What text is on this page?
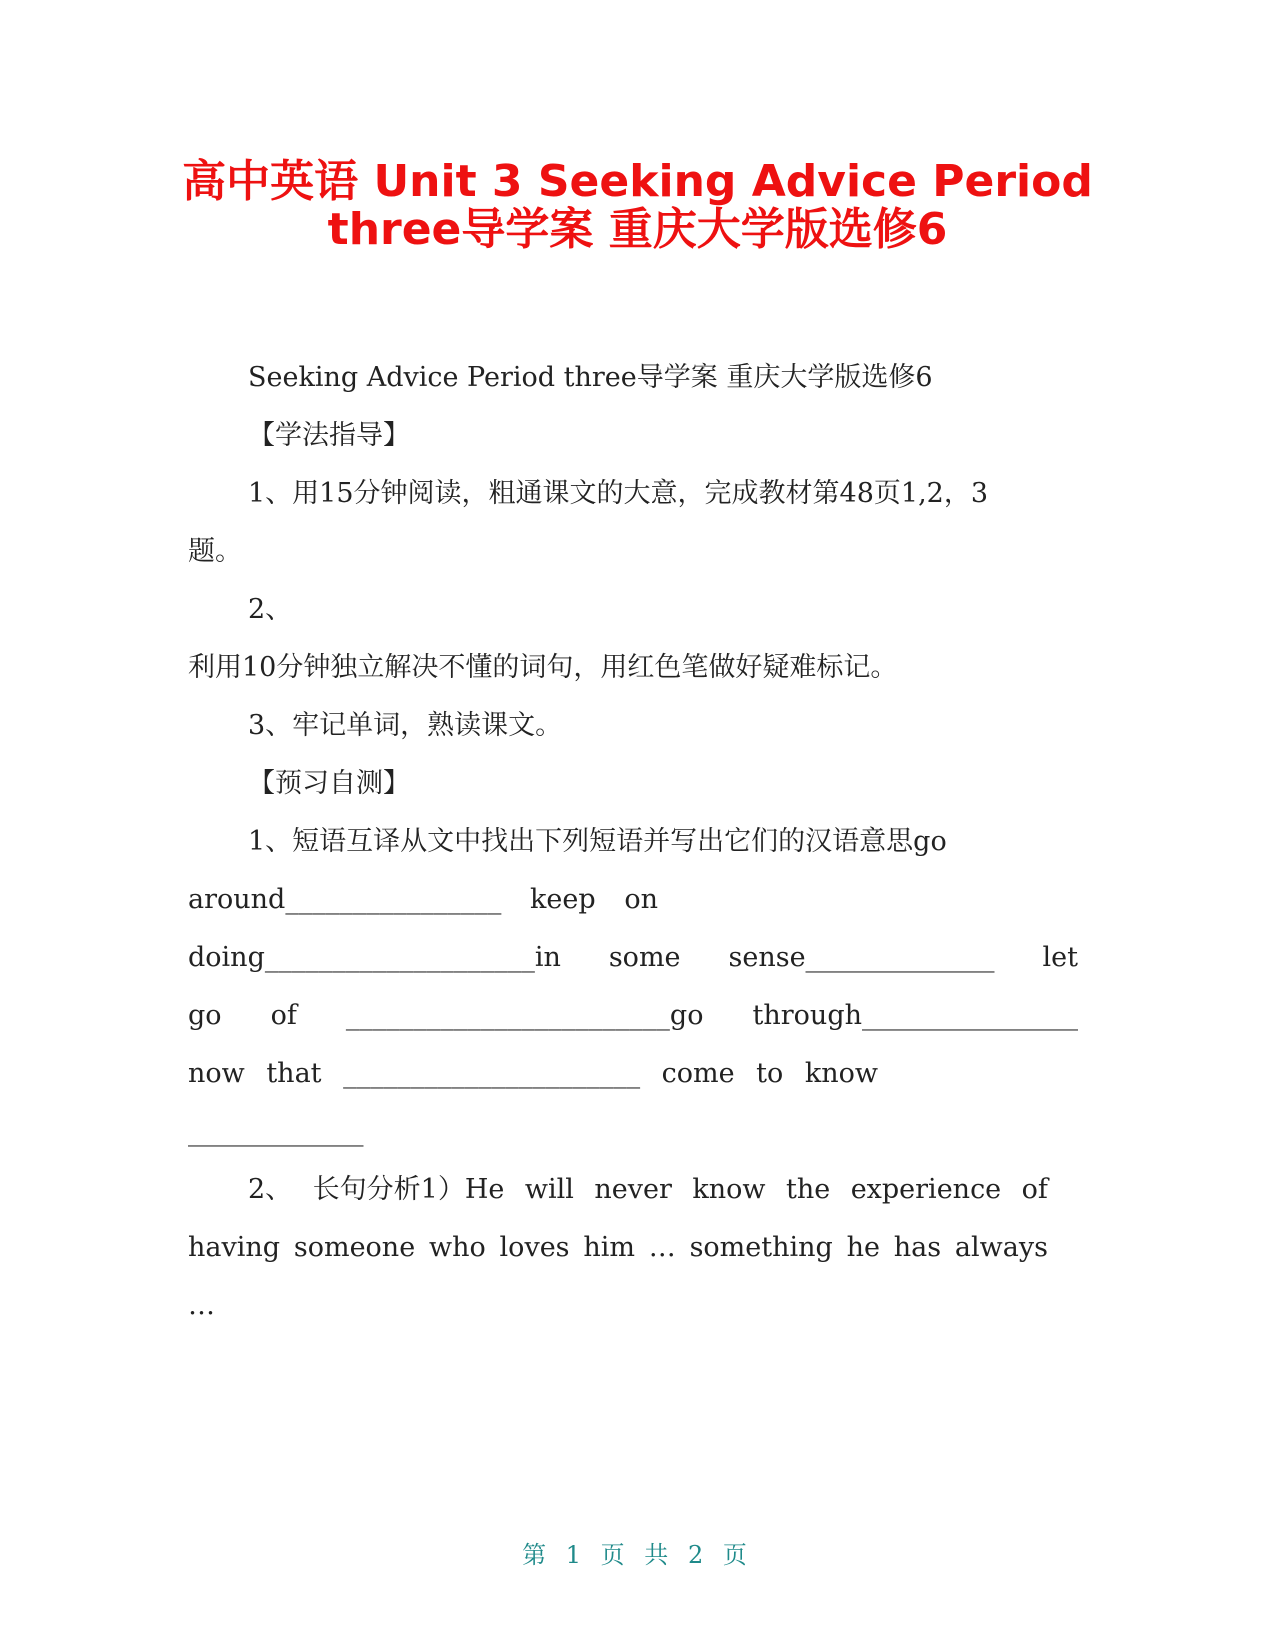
高中英语 Unit 3 Seeking Advice Period
three导学案 重庆大学版选修6

Seeking Advice Period three导学案 重庆大学版选修6

【学法指导】

1、用15分钟阅读，粗通课文的大意，完成教材第48页1,2，3

题。

2、

利用10分钟独立解决不懂的词句，用红色笔做好疑难标记。

3、牢记单词，熟读课文。

【预习自测】

1、短语互译从文中找出下列短语并写出它们的汉语意思go

around________________ keep on

doing____________________in some sense______________ let

go of ________________________go through________________

now that ______________________ come to know

_____________

2、 长句分析1）He will never know the experience of

having someone who loves him … something he has always

…

第 1 页 共 2 页
